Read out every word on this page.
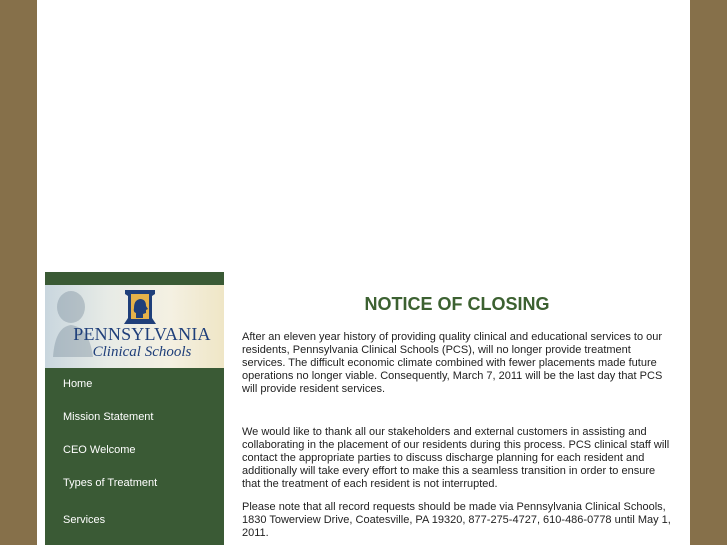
PENNSYLVANIA
Clinical Schools
Home
Mission Statement
CEO Welcome
Types of Treatment
Services
NOTICE OF CLOSING

After an eleven year history of providing quality clinical and educational services to our residents, Pennsylvania Clinical Schools (PCS), will no longer provide treatment services. The difficult economic climate combined with fewer placements made future operations no longer viable. Consequently, March 7, 2011 will be the last day that PCS will provide resident services.

We would like to thank all our stakeholders and external customers in assisting and collaborating in the placement of our residents during this process. PCS clinical staff will contact the appropriate parties to discuss discharge planning for each resident and additionally will take every effort to make this a seamless transition in order to ensure that the treatment of each resident is not interrupted.

Please note that all record requests should be made via Pennsylvania Clinical Schools, 1830 Towerview Drive, Coatesville, PA 19320, 877-275-4727, 610-486-0778 until May 1, 2011.
